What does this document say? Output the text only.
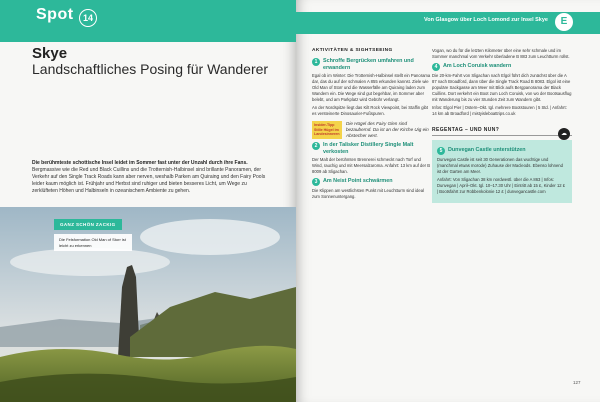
Spot	14
Skye
Landschaftliches Posing für Wanderer
Die berühmteste schottische Insel leidet im Sommer fast unter der Unzahl durch ihre Fans. Bergmassive wie die Red und Black Cuillins und die Trotternish-Halbinsel sind brillante Panoramen, der Verkehr auf den Single Track Roads kann aber nerven, weshalb Parken am Quiraing und den Fairy Pools leider kaum möglich ist. Frühjahr und Herbst sind ruhiger und bieten besseres Licht, um Wege zu zerklüfteten Höhen und Halbinseln in ozeanischem Ambiente zu gehen.
GANZ SCHÖN ZACKIG
Die Felsformation Old Man of Storr ist leicht zu erkennen
Von Glasgow über Loch Lomond zur Insel Skye	E
AKTIVITÄTEN & SIGHTSEEING
1	Schroffe Bergrücken umfahren und erwandern
Egal ob im Winter: Die Trotternish-Halbinsel stellt ein Panorama dar, das du auf der schmalen A 855 erkunden kannst. Ziele wie Old Man of Storr und die Wasserfälle am Quiraing laden zum Wandern ein. Die Wege sind gut begehbar, im Sommer aber belebt, und am Parkplatz wird Gebühr verlangt.
An der Nordspitze liegt das Kilt Rock Viewpoint, bei Staffin gibt es versteinerte Dinosaurier-Fußspuren.
Insider-Tipp Stille Hügel im Landesinneren
Die Hügel des Fairy Glen sind bezaubernd. Da ist an der Kirche Uig ein Abstecher wert.
2	In der Talisker Distillery Single Malt verkosten
Der Malt der berühmten Brennerei schmeckt nach Torf und Wind, rauchig und mit Meersalzaroma. Anfahrt: 13 km auf der B 8009 ab Sligachan.
3	Am Neist Point schwärmen
Die Klippen am westlichsten Punkt mit Leuchtturm sind ideal zum Sonnenuntergang.
Vogan, wo du für die letzten Kilometer über eine sehr schmale und im Sommer manchmal vom Verkehr überladene B 883 zum Leuchtturm rollst.
4	Am Loch Coruisk wandern
Die 20-km-Fahrt von Sligachan nach Elgol führt dich zunächst über die A 87 nach Broadford, dann über die Single Track Road B 8083. Elgol ist eine populäre Sackgasse am Meer mit Blick aufs Bergpanorama der Black Cuillins. Dort verkehrt ein Boot zum Loch Coruisk, von wo der Bootsausflug mit Wanderung bis zu vier Stunden Zeit zum Wandern gibt.
Infos: Elgol Pier | Ostern–Okt. tgl. mehrere Bootstouren | 5 Std. | Anfahrt: 14 km ab Broadford | mistyisleboattrips.co.uk
REGENTAG – UND NUN?
☁
5	Dunvegan Castle unterstützen
Dunvegan Castle ist seit 30 Generationen das wuchtige und (manchmal etwas morode) Zuhause der Macleods. Ebenso lohnend ist der Garten am Meer.
Anfahrt: Von Sligachan 38 km nordwestl. über die A 863 | Infos: Dunvegan | April–Okt. tgl. 10–17.30 Uhr | Eintritt ab 15 £, Kinder 12 £ | Bootsfahrt zur Robbenkolonie 12 £ | dunvegancastle.com
127
